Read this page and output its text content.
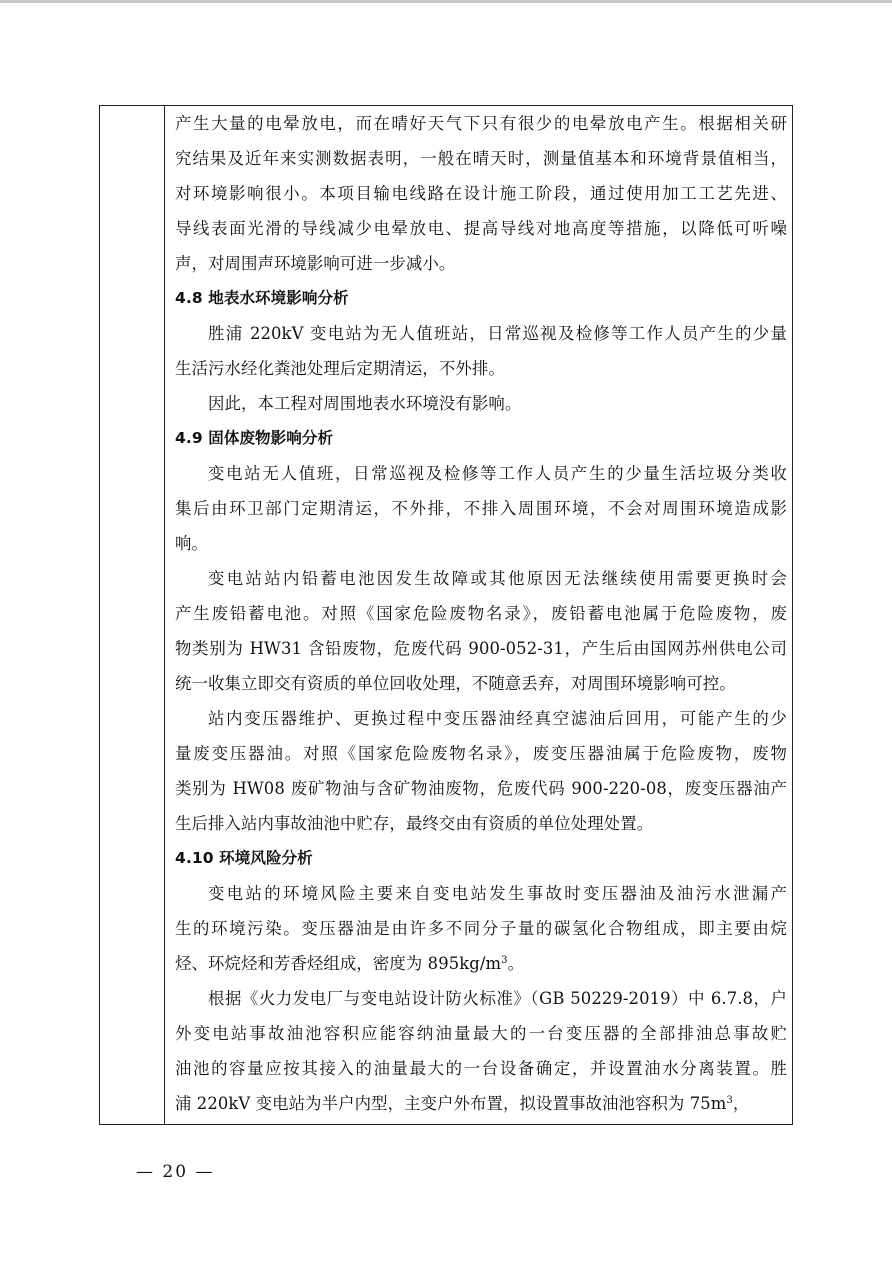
产生大量的电晕放电，而在晴好天气下只有很少的电晕放电产生。根据相关研
究结果及近年来实测数据表明，一般在晴天时，测量值基本和环境背景值相当，
对环境影响很小。本项目输电线路在设计施工阶段，通过使用加工工艺先进、
导线表面光滑的导线减少电晕放电、提高导线对地高度等措施，以降低可听噪
声，对周围声环境影响可进一步减小。
4.8 地表水环境影响分析
胜浦 220kV 变电站为无人值班站，日常巡视及检修等工作人员产生的少量
生活污水经化粪池处理后定期清运，不外排。
因此，本工程对周围地表水环境没有影响。
4.9 固体废物影响分析
变电站无人值班，日常巡视及检修等工作人员产生的少量生活垃圾分类收
集后由环卫部门定期清运，不外排，不排入周围环境，不会对周围环境造成影
响。
变电站站内铅蓄电池因发生故障或其他原因无法继续使用需要更换时会
产生废铅蓄电池。对照《国家危险废物名录》，废铅蓄电池属于危险废物，废
物类别为 HW31 含铅废物，危废代码 900-052-31，产生后由国网苏州供电公司
统一收集立即交有资质的单位回收处理，不随意丢弃，对周围环境影响可控。
站内变压器维护、更换过程中变压器油经真空滤油后回用，可能产生的少
量废变压器油。对照《国家危险废物名录》，废变压器油属于危险废物，废物
类别为 HW08 废矿物油与含矿物油废物，危废代码 900-220-08，废变压器油产
生后排入站内事故油池中贮存，最终交由有资质的单位处理处置。
4.10 环境风险分析
变电站的环境风险主要来自变电站发生事故时变压器油及油污水泄漏产
生的环境污染。变压器油是由许多不同分子量的碳氢化合物组成，即主要由烷
烃、环烷烃和芳香烃组成，密度为 $895kg/m^3$。
根据《火力发电厂与变电站设计防火标准》（GB 50229-2019）中 6.7.8，户
外变电站事故油池容积应能容纳油量最大的一台变压器的全部排油总事故贮
油池的容量应按其接入的油量最大的一台设备确定，并设置油水分离装置。胜
浦 220kV 变电站为半户内型，主变户外布置，拟设置事故油池容积为 $75m^3$，
— 20 —
